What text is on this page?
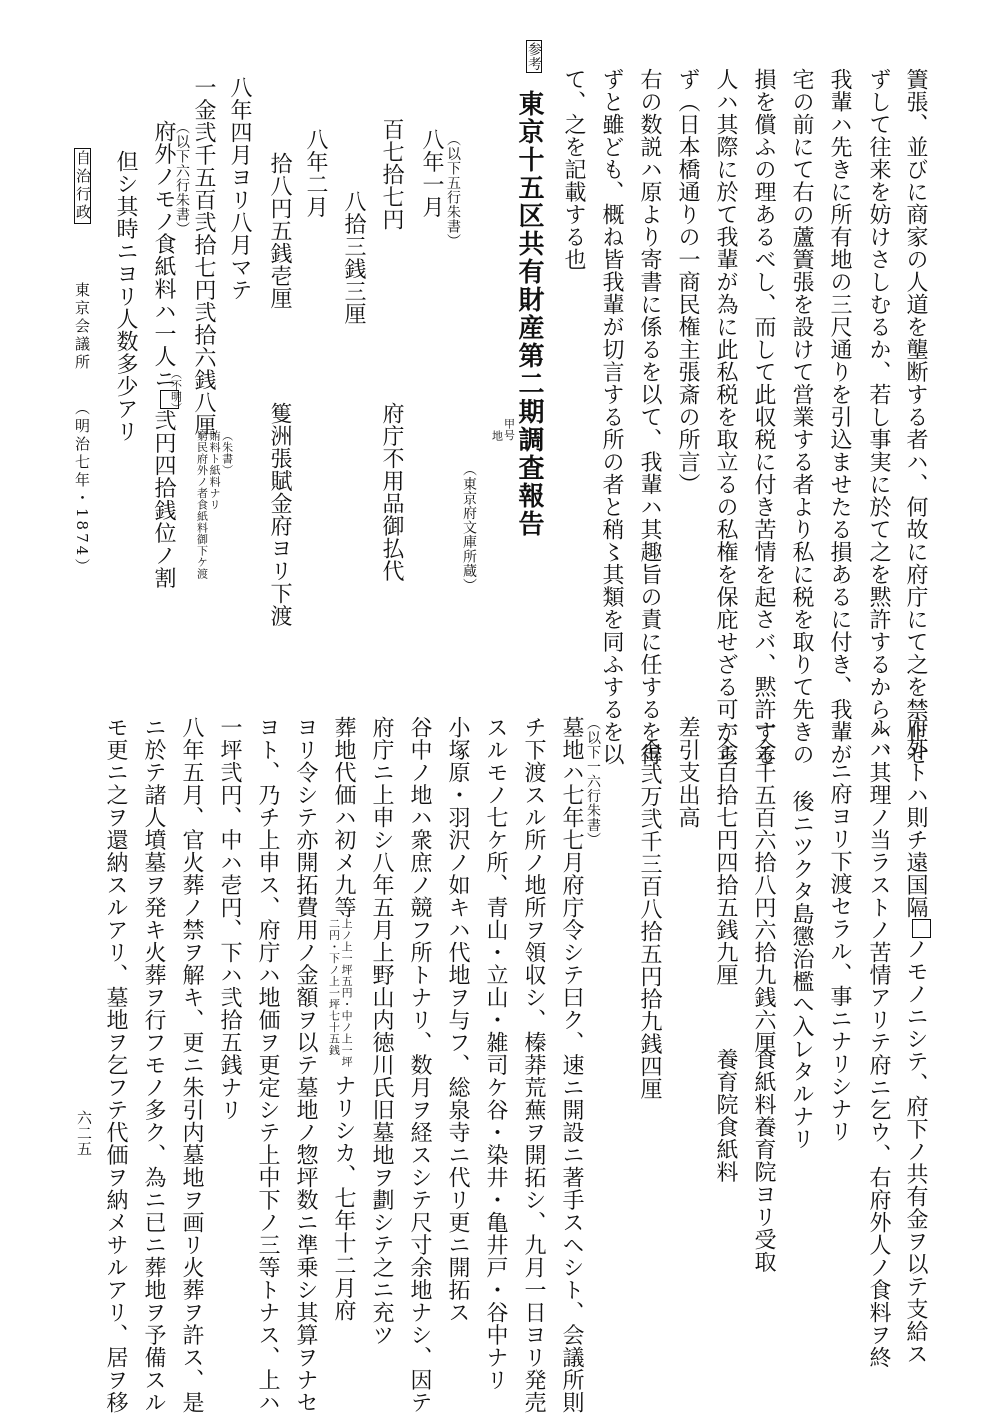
簀張、並びに商家の人道を壟断する者ハ、何故に府庁にて之を禁止せ
ずして往来を妨けさしむるか、若し事実に於て之を黙許するからハ、
我輩ハ先きに所有地の三尺通りを引込ませたる損あるに付き、我輩が
宅の前にて右の蘆簀張を設けて営業する者より私に税を取りて先きの
損を償ふの理あるべし、而して此収税に付き苦情を起さバ、黙許する
人ハ其際に於て我輩が為に此私税を取立るの私権を保庇せざる可から
ず（日本橋通りの一商民権主張斎の所言）
右の数説ハ原より寄書に係るを以て、我輩ハ其趣旨の責に任するを得
ずと雖ども、概ね皆我輩が切言する所の者と稍〻其類を同ふするを以
て、之を記載する也
参考
東京十五区共有財産第二期調査報告
甲号
地
（東京府文庫所蔵）
（以下五行朱書）
八年一月
百七拾七円
府庁不用品御払代
八拾三銭三厘
八年二月
拾八円五銭壱厘
篗洲張賦金府ヨリ下渡
八年四月ヨリ八月マテ
一金弐千五百弐拾七円弐拾六銭八厘
（朱書）
賄料ト紙料ナリ
窮民府外ノ者食紙料御下ケ渡
（以下六行朱書）
府外ノモノ食紙料ハ一人ニ弐円四拾銭位ノ割
（不明）
但シ其時ニヨリ人数多少アリ
自治行政
東京会議所
（明治七年・1874）
府外トハ則チ遠国隔ノモノニシテ、府下ノ共有金ヲ以テ支給ス
ルハ其理ノ当ラストノ苦情アリテ府ニ乞ウ、右府外人ノ食料ヲ終
ニ府ヨリ下渡セラル、事ニナリシナリ
後ニツクタ島懲治檻へ入レタルナリ
一金千五百六拾八円六拾九銭六厘
食紙料養育院ヨリ受取
一金百拾七円四拾五銭九厘
養育院食紙料
差引支出高
金弐万弐千三百八拾五円拾九銭四厘
（以下一六行朱書）
墓地ハ七年七月府庁令シテ曰ク、速ニ開設ニ著手スヘシト、会議所則
チ下渡スル所ノ地所ヲ領収シ、榛莽荒蕪ヲ開拓シ、九月一日ヨリ発売
スルモノ七ケ所、青山・立山・雑司ケ谷・染井・亀井戸・谷中ナリ
小塚原・羽沢ノ如キハ代地ヲ与フ、総泉寺ニ代リ更ニ開拓ス
谷中ノ地ハ衆庶ノ競フ所トナリ、数月ヲ経スシテ尺寸余地ナシ、因テ
府庁ニ上申シ八年五月上野山内徳川氏旧墓地ヲ劃シテ之ニ充ツ
葬地代価ハ初メ九等
上ノ上一坪五円・中ノ上一坪
二円・下ノ上一坪七十五銭
ナリシカ、七年十二月府
ヨリ令シテ亦開拓費用ノ金額ヲ以テ墓地ノ惣坪数ニ準乗シ其算ヲナセ
ヨト、乃チ上申ス、府庁ハ地価ヲ更定シテ上中下ノ三等トナス、上ハ
一坪弐円、中ハ壱円、下ハ弐拾五銭ナリ
八年五月、官火葬ノ禁ヲ解キ、更ニ朱引内墓地ヲ画リ火葬ヲ許ス、是
ニ於テ諸人墳墓ヲ発キ火葬ヲ行フモノ多ク、為ニ已ニ葬地ヲ予備スル
モ更ニ之ヲ還納スルアリ、墓地ヲ乞フテ代価ヲ納メサルアリ、居ヲ移
六二五
